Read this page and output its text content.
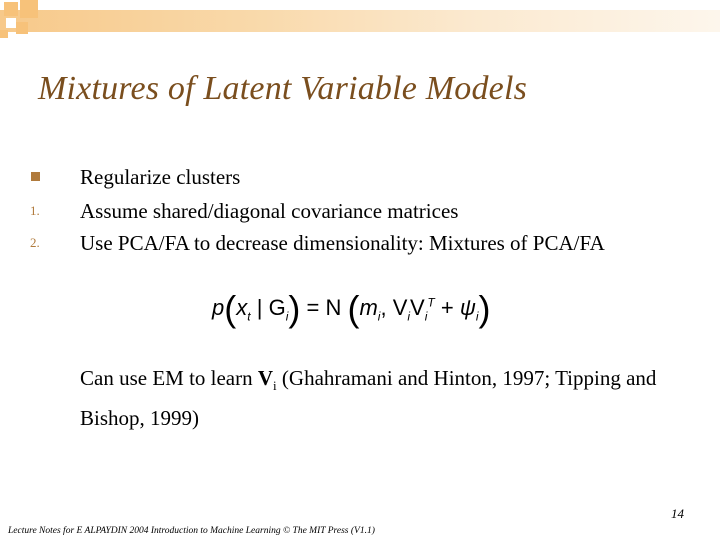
Mixtures of Latent Variable Models
Regularize clusters
1.	Assume shared/diagonal covariance matrices
2.	Use PCA/FA to decrease dimensionality: Mixtures of PCA/FA
$p(x_t$ | $G_i) = N$ ($m_i$, $V_iV_i^T + \psi_i$)
Can use EM to learn $V_i$ (Ghahramani and Hinton, 1997; Tipping and Bishop, 1999)
14
Lecture Notes for E ALPAYDIN 2004 Introduction to Machine Learning © The MIT Press (V1.1)
